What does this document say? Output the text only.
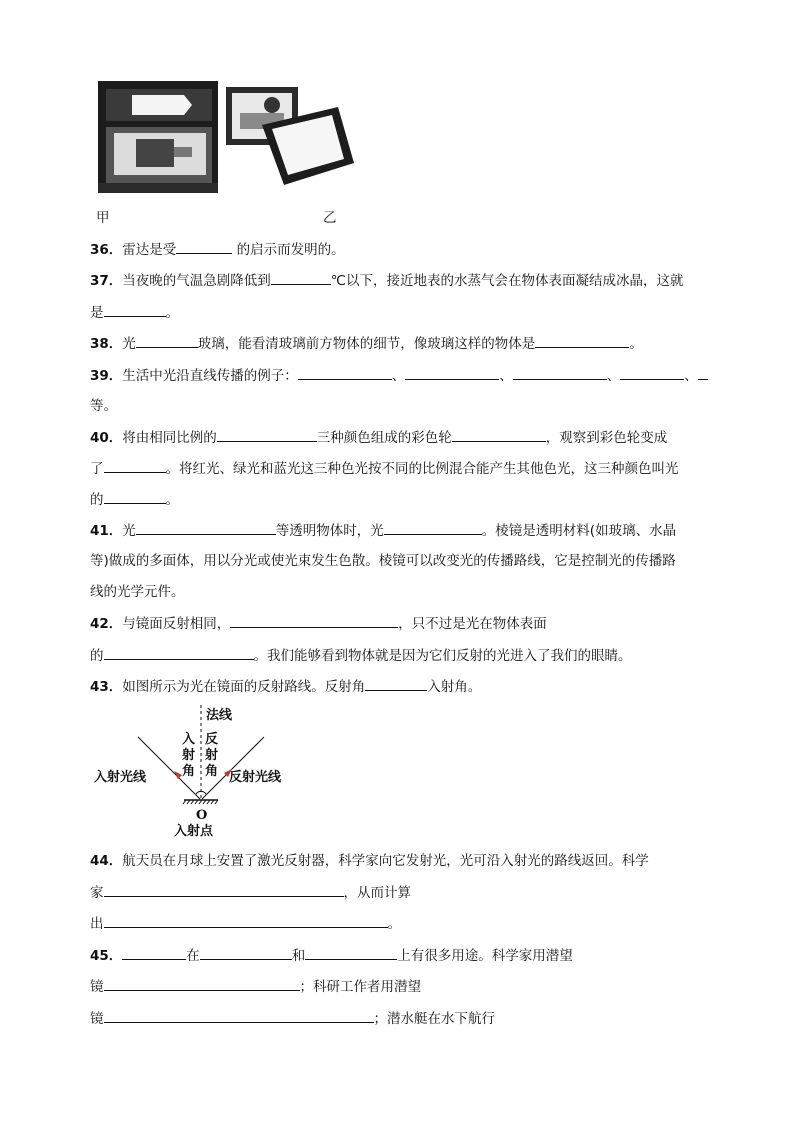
甲	乙
36．雷达是受	的启示而发明的。
37．当夜晚的气温急剧降低到	℃以下，接近地表的水蒸气会在物体表面凝结成冰晶，这就
是	。
38．光	玻璃，能看清玻璃前方物体的细节，像玻璃这样的物体是	。
39．生活中光沿直线传播的例子：	、	、	、	、
等。
40．将由相同比例的	三种颜色组成的彩色轮	，观察到彩色轮变成
了	。将红光、绿光和蓝光这三种色光按不同的比例混合能产生其他色光，这三种颜色叫光
的	。
41．光	等透明物体时，光	。棱镜是透明材料(如玻璃、水晶
等)做成的多面体，用以分光或使光束发生色散。棱镜可以改变光的传播路线，它是控制光的传播路
线的光学元件。
42．与镜面反射相同，	，只不过是光在物体表面
的	。我们能够看到物体就是因为它们反射的光进入了我们的眼睛。
43．如图所示为光在镜面的反射路线。反射角	入射角。
法线
入
射
角
反
射
角
入射光线	反射光线
O
入射点
44．航天员在月球上安置了激光反射器，科学家向它发射光，光可沿入射光的路线返回。科学
家	，从而计算
出	。
45．	在	和	上有很多用途。科学家用潜望
镜	；科研工作者用潜望
镜	；潜水艇在水下航行
